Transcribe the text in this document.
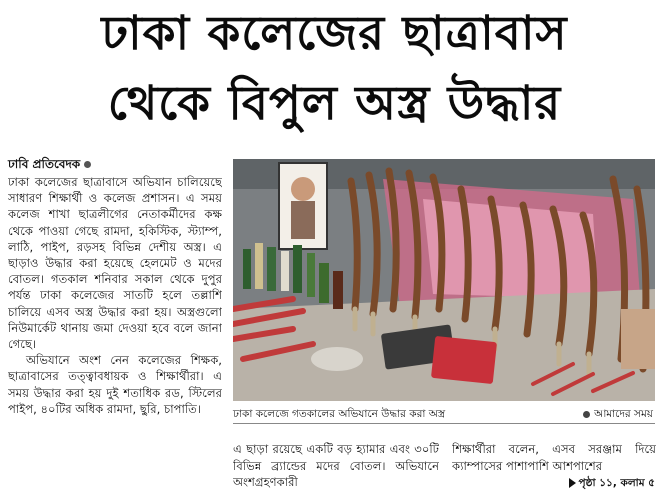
ঢাকা কলেজের ছাত্রাবাস
থেকে বিপুল অস্ত্র উদ্ধার
ঢাবি প্রতিবেদক

ঢাকা কলেজের ছাত্রাবাসে অভিযান চালিয়েছে সাধারণ শিক্ষার্থী ও কলেজ প্রশাসন। এ সময় কলেজ শাখা ছাত্রলীগের নেতাকর্মীদের কক্ষ থেকে পাওয়া গেছে রামদা, হকিস্টিক, স্ট্যাম্প, লাঠি, পাইপ, রড়সহ বিভিন্ন দেশীয় অস্ত্র। এ ছাড়াও উদ্ধার করা হয়েছে হেলমেট ও মদের বোতল। গতকাল শনিবার সকাল থেকে দুপুর পর্যন্ত ঢাকা কলেজের সাতটি হলে তল্লাশি চালিয়ে এসব অস্ত্র উদ্ধার করা হয়। অস্ত্রগুলো নিউমার্কেট থানায় জমা দেওয়া হবে বলে জানা গেছে।

অভিযানে অংশ নেন কলেজের শিক্ষক, ছাত্রাবাসের তত্ত্বাবধায়ক ও শিক্ষার্থীরা। এ সময় উদ্ধার করা হয় দুই শতাধিক রড, স্টিলের পাইপ, ৪০টির অধিক রামদা, ছুরি, চাপাতি।	ঢাকা কলেজে গতকালের অভিযানে উদ্ধার করা অস্ত্র	আমাদের সময়
এ ছাড়া রয়েছে একটি বড় হ্যামার এবং ৩০টি বিভিন্ন ব্র্যান্ডের মদের বোতল। অভিযানে অংশগ্রহণকারী
শিক্ষার্থীরা বলেন, এসব সরঞ্জাম দিয়ে ক্যাম্পাসের পাশাপাশি আশপাশের
পৃষ্ঠা ১১, কলাম ৫
